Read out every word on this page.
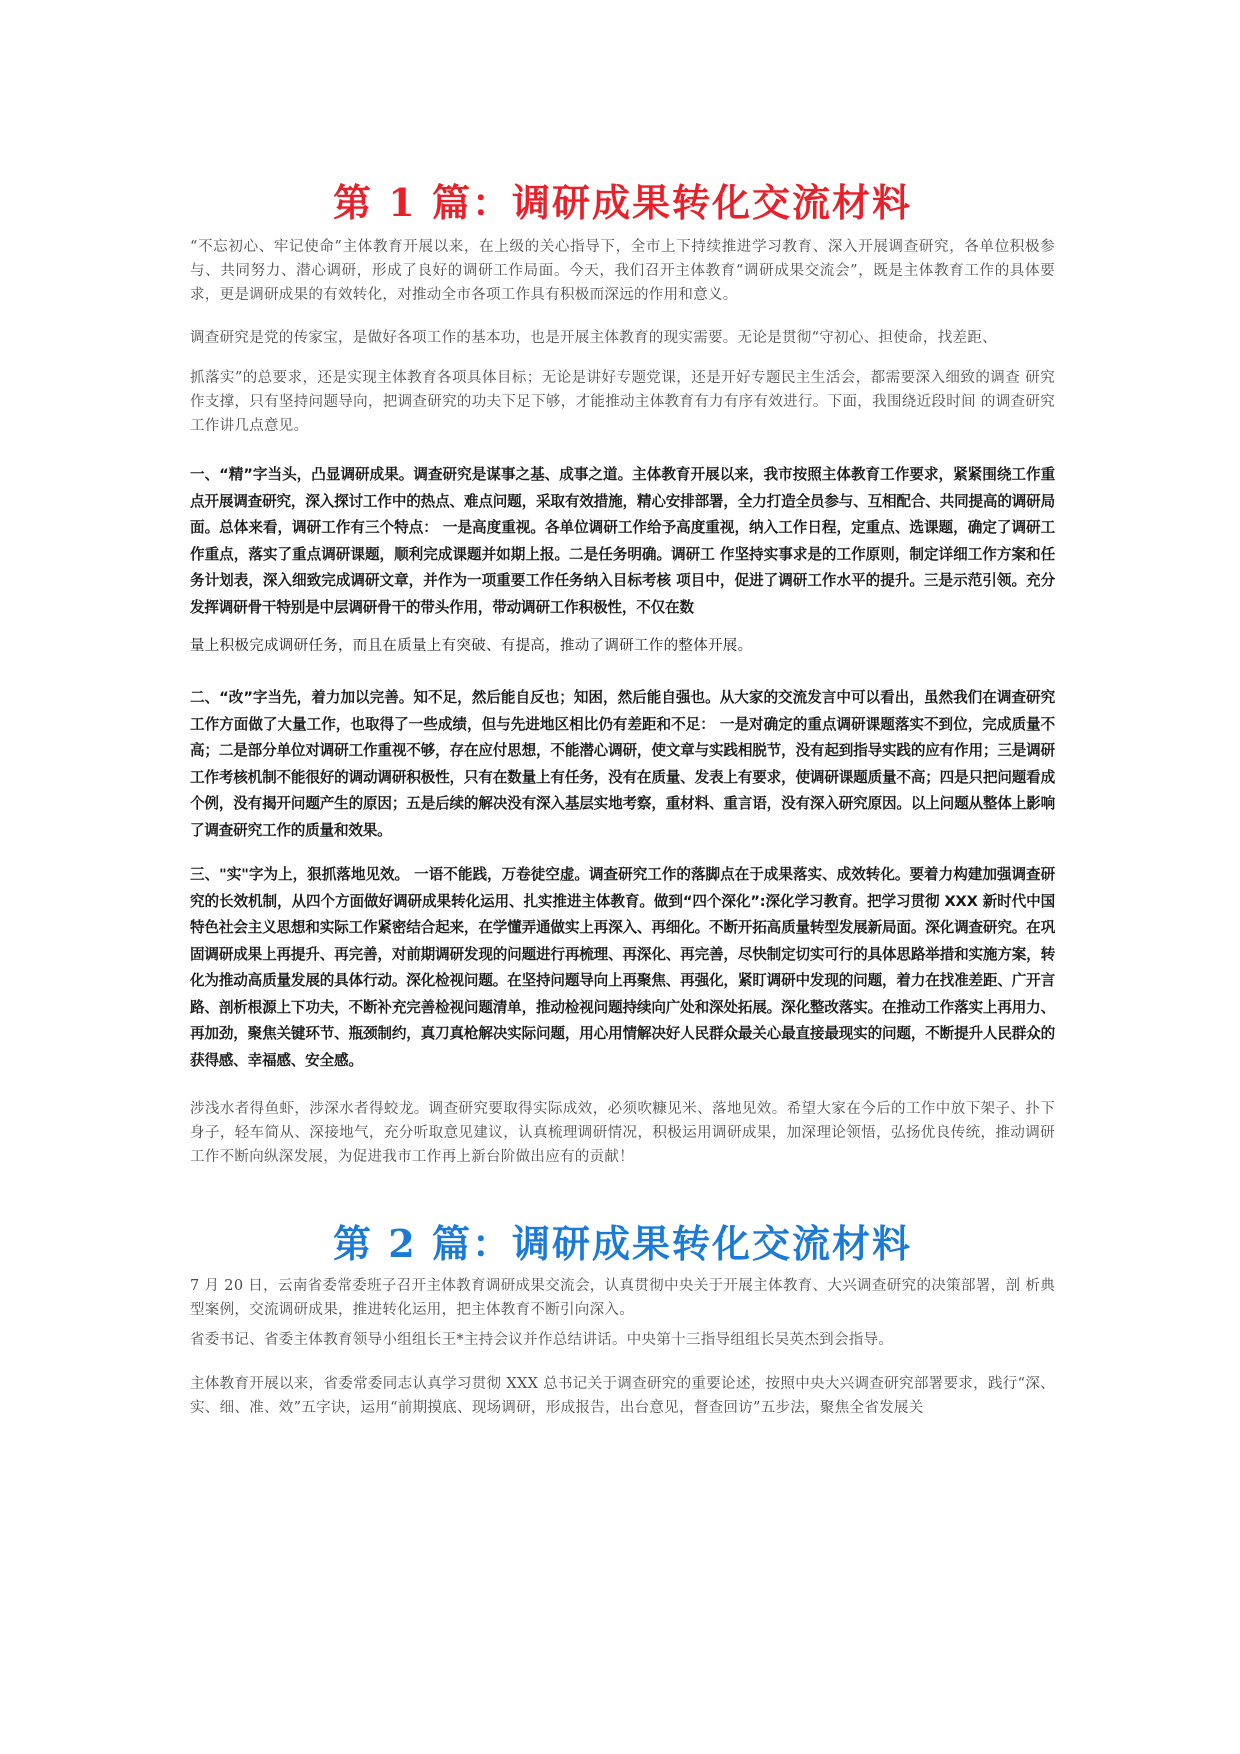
第 1 篇：调研成果转化交流材料

“不忘初心、牢记使命”主体教育开展以来，在上级的关心指导下，全市上下持续推进学习教育、深入开展调查研究，各单位积极参与、共同努力、潜心调研，形成了良好的调研工作局面。今天，我们召开主体教育“调研成果交流会”，既是主体教育工作的具体要求，更是调研成果的有效转化，对推动全市各项工作具有积极而深远的作用和意义。

调查研究是党的传家宝，是做好各项工作的基本功，也是开展主体教育的现实需要。无论是贯彻“守初心、担使命，找差距、

抓落实”的总要求，还是实现主体教育各项具体目标；无论是讲好专题党课，还是开好专题民主生活会，都需要深入细致的调查 研究作支撑，只有坚持问题导向，把调查研究的功夫下足下够，才能推动主体教育有力有序有效进行。下面，我围绕近段时间 的调查研究工作讲几点意见。

一、“精”字当头，凸显调研成果。调查研究是谋事之基、成事之道。主体教育开展以来，我市按照主体教育工作要求，紧紧围绕工作重点开展调查研究，深入探讨工作中的热点、难点问题，采取有效措施，精心安排部署，全力打造全员参与、互相配合、共同提高的调研局面。总体来看，调研工作有三个特点： 一是高度重视。各单位调研工作给予高度重视，纳入工作日程，定重点、选课题，确定了调研工作重点，落实了重点调研课题，顺利完成课题并如期上报。二是任务明确。调研工 作坚持实事求是的工作原则，制定详细工作方案和任务计划表，深入细致完成调研文章，并作为一项重要工作任务纳入目标考核 项目中，促进了调研工作水平的提升。三是示范引领。充分发挥调研骨干特别是中层调研骨干的带头作用，带动调研工作积极性，不仅在数

量上积极完成调研任务，而且在质量上有突破、有提高，推动了调研工作的整体开展。

二、“改”字当先，着力加以完善。知不足，然后能自反也；知困，然后能自强也。从大家的交流发言中可以看出，虽然我们在调查研究工作方面做了大量工作，也取得了一些成绩，但与先进地区相比仍有差距和不足： 一是对确定的重点调研课题落实不到位，完成质量不高；二是部分单位对调研工作重视不够，存在应付思想，不能潜心调研，使文章与实践相脱节，没有起到指导实践的应有作用；三是调研工作考核机制不能很好的调动调研积极性，只有在数量上有任务，没有在质量、发表上有要求，使调研课题质量不高；四是只把问题看成个例，没有揭开问题产生的原因；五是后续的解决没有深入基层实地考察，重材料、重言语，没有深入研究原因。以上问题从整体上影响了调查研究工作的质量和效果。

三、"实"字为上，狠抓落地见效。 一语不能践，万卷徒空虚。调查研究工作的落脚点在于成果落实、成效转化。要着力构建加强调查研究的长效机制，从四个方面做好调研成果转化运用、扎实推进主体教育。做到“四个深化”:深化学习教育。把学习贯彻 XXX 新时代中国特色社会主义思想和实际工作紧密结合起来，在学懂弄通做实上再深入、再细化。不断开拓高质量转型发展新局面。深化调查研究。在巩固调研成果上再提升、再完善，对前期调研发现的问题进行再梳理、再深化、再完善，尽快制定切实可行的具体思路举措和实施方案，转化为推动高质量发展的具体行动。深化检视问题。在坚持问题导向上再聚焦、再强化，紧盯调研中发现的问题，着力在找准差距、广开言路、剖析根源上下功夫，不断补充完善检视问题清单，推动检视问题持续向广处和深处拓展。深化整改落实。在推动工作落实上再用力、再加劲，聚焦关键环节、瓶颈制约，真刀真枪解决实际问题，用心用情解决好人民群众最关心最直接最现实的问题，不断提升人民群众的获得感、幸福感、安全感。

涉浅水者得鱼虾，涉深水者得蛟龙。调查研究要取得实际成效，必须吹糠见米、落地见效。希望大家在今后的工作中放下架子、扑下身子，轻车简从、深接地气，充分听取意见建议，认真梳理调研情况，积极运用调研成果，加深理论领悟，弘扬优良传统，推动调研工作不断向纵深发展，为促进我市工作再上新台阶做出应有的贡献！

第 2 篇：调研成果转化交流材料

7 月 20 日，云南省委常委班子召开主体教育调研成果交流会，认真贯彻中央关于开展主体教育、大兴调查研究的决策部署，剖 析典型案例，交流调研成果，推进转化运用，把主体教育不断引向深入。

省委书记、省委主体教育领导小组组长王*主持会议并作总结讲话。中央第十三指导组组长吴英杰到会指导。

主体教育开展以来，省委常委同志认真学习贯彻 XXX 总书记关于调查研究的重要论述，按照中央大兴调查研究部署要求，践行“深、实、细、准、效”五字诀，运用“前期摸底、现场调研，形成报告，出台意见，督查回访”五步法，聚焦全省发展关
